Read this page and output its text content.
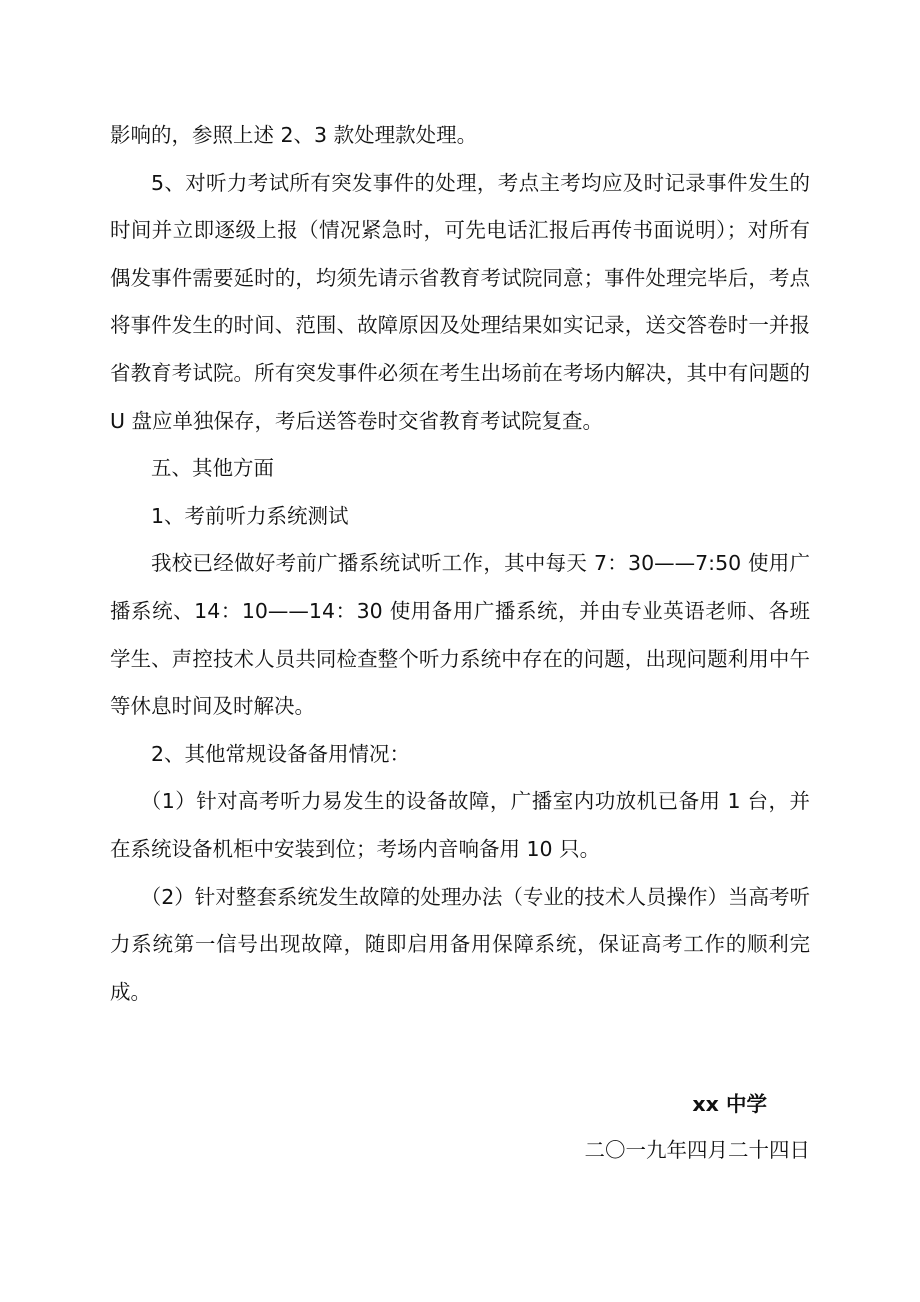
影响的，参照上述 2、3 款处理款处理。

5、对听力考试所有突发事件的处理，考点主考均应及时记录事件发生的时间并立即逐级上报（情况紧急时，可先电话汇报后再传书面说明）；对所有偶发事件需要延时的，均须先请示省教育考试院同意；事件处理完毕后，考点将事件发生的时间、范围、故障原因及处理结果如实记录，送交答卷时一并报省教育考试院。所有突发事件必须在考生出场前在考场内解决，其中有问题的 U 盘应单独保存，考后送答卷时交省教育考试院复查。

五、其他方面

1、考前听力系统测试

我校已经做好考前广播系统试听工作，其中每天 7：30——7:50 使用广播系统、14：10——14：30 使用备用广播系统，并由专业英语老师、各班学生、声控技术人员共同检查整个听力系统中存在的问题，出现问题利用中午等休息时间及时解决。

2、其他常规设备备用情况：

（1）针对高考听力易发生的设备故障，广播室内功放机已备用 1 台，并在系统设备机柜中安装到位；考场内音响备用 10 只。

（2）针对整套系统发生故障的处理办法（专业的技术人员操作）当高考听力系统第一信号出现故障，随即启用备用保障系统，保证高考工作的顺利完成。

xx 中学
二〇一九年四月二十四日
